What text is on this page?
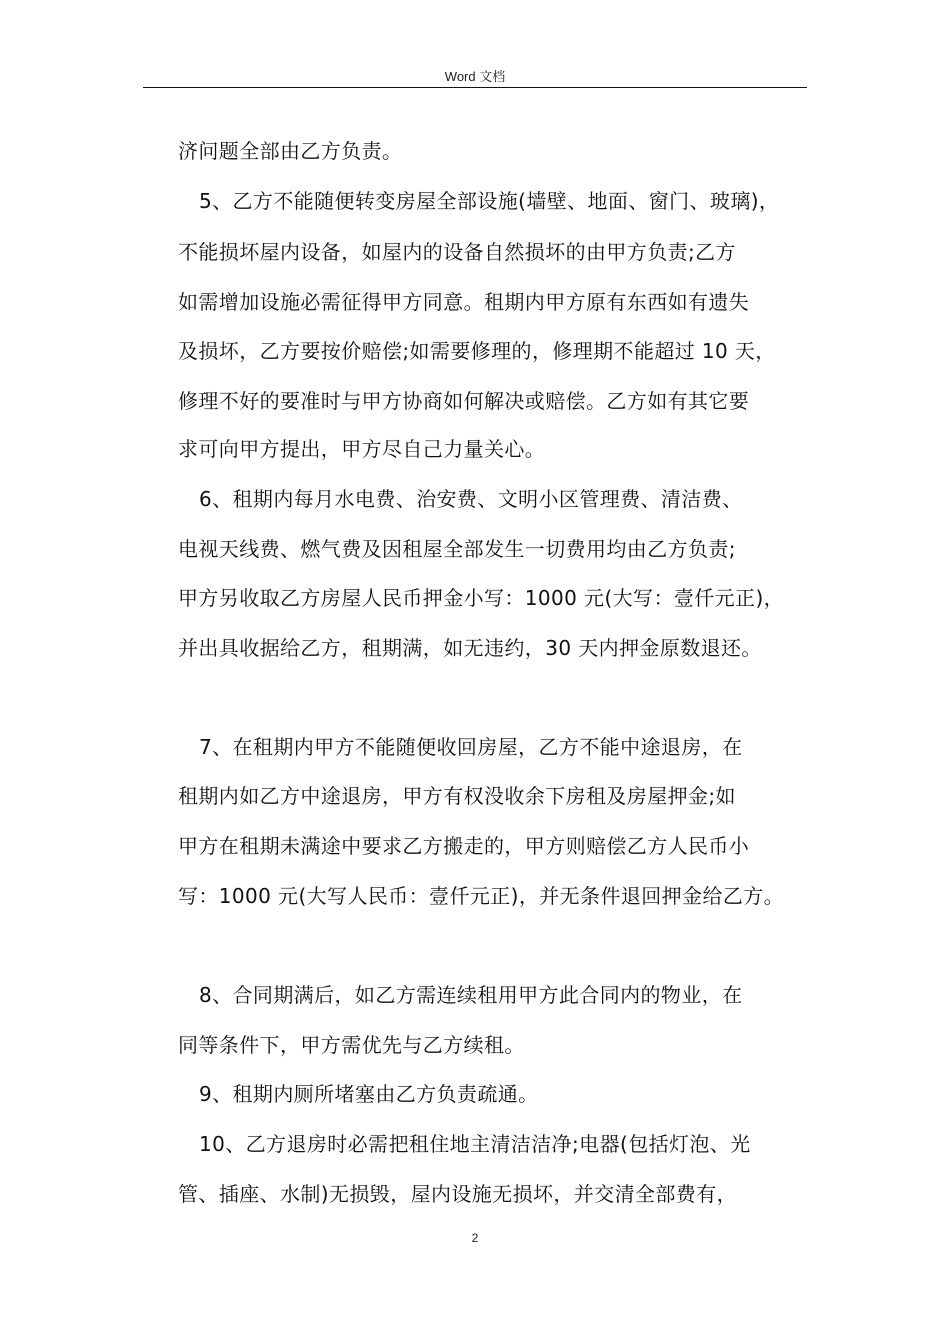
Word 文档
济问题全部由乙方负责。
5、乙方不能随便转变房屋全部设施(墙壁、地面、窗门、玻璃)，
不能损坏屋内设备，如屋内的设备自然损坏的由甲方负责;乙方
如需增加设施必需征得甲方同意。租期内甲方原有东西如有遗失
及损坏，乙方要按价赔偿;如需要修理的，修理期不能超过 10 天，
修理不好的要准时与甲方协商如何解决或赔偿。乙方如有其它要
求可向甲方提出，甲方尽自己力量关心。
6、租期内每月水电费、治安费、文明小区管理费、清洁费、
电视天线费、燃气费及因租屋全部发生一切费用均由乙方负责;
甲方另收取乙方房屋人民币押金小写：1000 元(大写：壹仟元正)，
并出具收据给乙方，租期满，如无违约，30 天内押金原数退还。
7、在租期内甲方不能随便收回房屋，乙方不能中途退房，在
租期内如乙方中途退房，甲方有权没收余下房租及房屋押金;如
甲方在租期未满途中要求乙方搬走的，甲方则赔偿乙方人民币小
写：1000 元(大写人民币：壹仟元正)，并无条件退回押金给乙方。
8、合同期满后，如乙方需连续租用甲方此合同内的物业，在
同等条件下，甲方需优先与乙方续租。
9、租期内厕所堵塞由乙方负责疏通。
10、乙方退房时必需把租住地主清洁洁净;电器(包括灯泡、光
管、插座、水制)无损毁，屋内设施无损坏，并交清全部费有，
2
